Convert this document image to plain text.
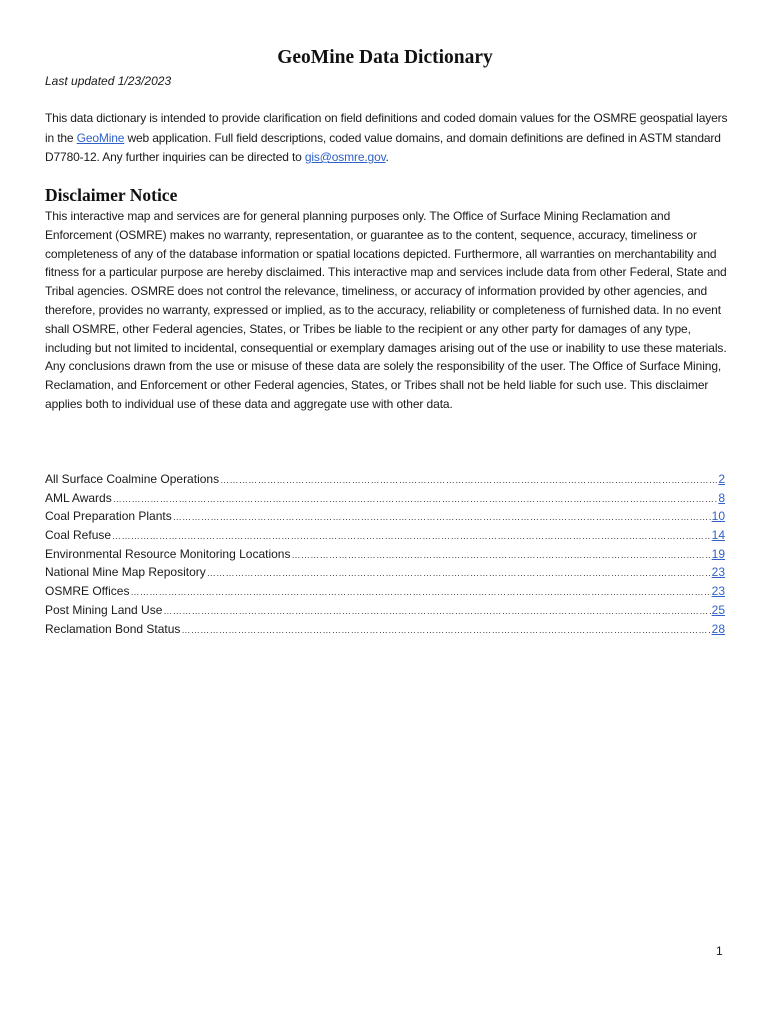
GeoMine Data Dictionary
Last updated 1/23/2023
This data dictionary is intended to provide clarification on field definitions and coded domain values for the OSMRE geospatial layers in the GeoMine web application. Full field descriptions, coded value domains, and domain definitions are defined in ASTM standard D7780-12. Any further inquiries can be directed to gis@osmre.gov.
Disclaimer Notice
This interactive map and services are for general planning purposes only. The Office of Surface Mining Reclamation and Enforcement (OSMRE) makes no warranty, representation, or guarantee as to the content, sequence, accuracy, timeliness or completeness of any of the database information or spatial locations depicted. Furthermore, all warranties on merchantability and fitness for a particular purpose are hereby disclaimed. This interactive map and services include data from other Federal, State and Tribal agencies. OSMRE does not control the relevance, timeliness, or accuracy of information provided by other agencies, and therefore, provides no warranty, expressed or implied, as to the accuracy, reliability or completeness of furnished data. In no event shall OSMRE, other Federal agencies, States, or Tribes be liable to the recipient or any other party for damages of any type, including but not limited to incidental, consequential or exemplary damages arising out of the use or inability to use these materials. Any conclusions drawn from the use or misuse of these data are solely the responsibility of the user. The Office of Surface Mining, Reclamation, and Enforcement or other Federal agencies, States, or Tribes shall not be held liable for such use. This disclaimer applies both to individual use of these data and aggregate use with other data.
All Surface Coalmine Operations …………………………………………………………………………………………………………………………………………………………………………………………………………………………………………………………………………………………………………	2
AML Awards …………………………………………………………………………………………………………………………………………………………………………………………………………………………………………………………………………………………………………	8
Coal Preparation Plants …………………………………………………………………………………………………………………………………………………………………………………………………………………………………………………………………………………………………………	10
Coal Refuse …………………………………………………………………………………………………………………………………………………………………………………………………………………………………………………………………………………………………………	14
Environmental Resource Monitoring Locations …………………………………………………………………………………………………………………………………………………………………………………………………………………………………………………………………………………………………………	19
National Mine Map Repository …………………………………………………………………………………………………………………………………………………………………………………………………………………………………………………………………………………………………………	23
OSMRE Offices …………………………………………………………………………………………………………………………………………………………………………………………………………………………………………………………………………………………………………	23
Post Mining Land Use …………………………………………………………………………………………………………………………………………………………………………………………………………………………………………………………………………………………………………	25
Reclamation Bond Status …………………………………………………………………………………………………………………………………………………………………………………………………………………………………………………………………………………………………………	28
1
